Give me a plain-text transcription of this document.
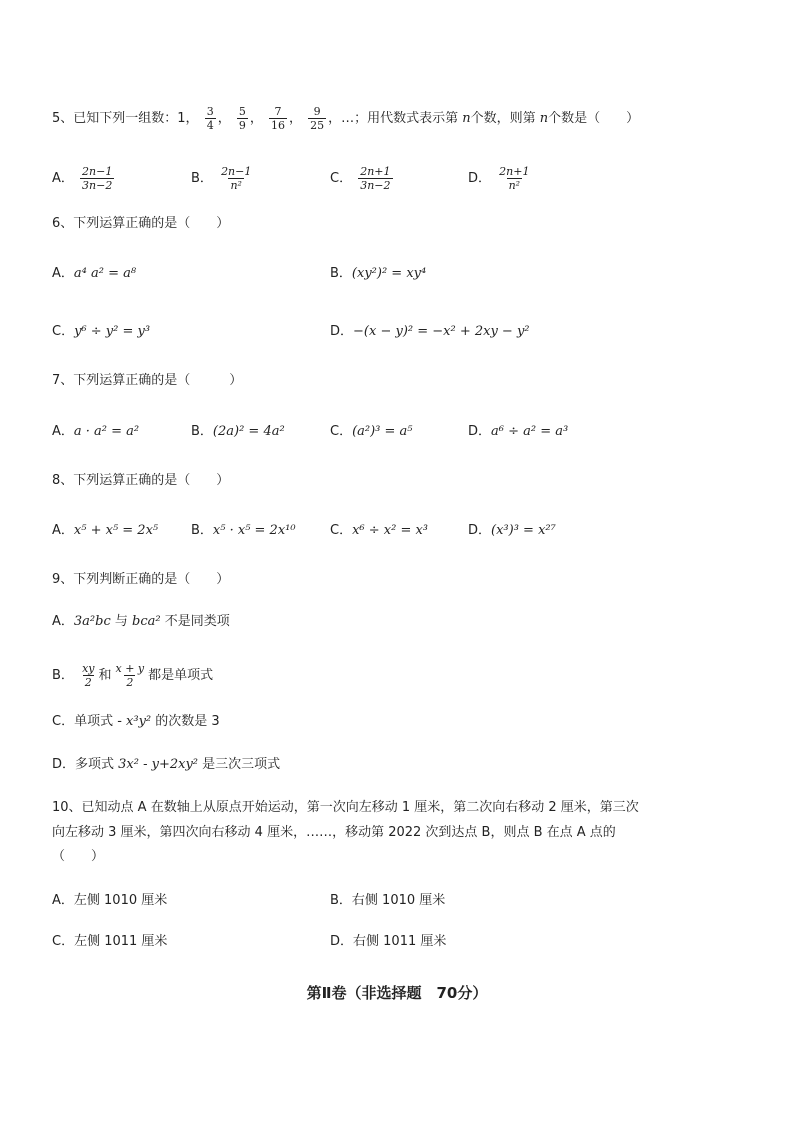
5、已知下列一组数：1， $\frac{3}{4}$ ， $\frac{5}{9}$ ， $\frac{7}{16}$ ， $\frac{9}{25}$ ，…；用代数式表示第 n个数，则第 n个数是（　　）
A． $\frac{2n-1}{3n-2}$	B． $\frac{2n-1}{\text{n²}}$	C． $\frac{2n+1}{3n-2}$	D． $\frac{2n+1}{\text{n²}}$
6、下列运算正确的是（　　）
A．a⁴ a² = a⁸	B．(xy²)² = xy⁴
C．y⁶ ÷ y² = y³	D．−(x − y)² = −x² + 2xy − y²
7、下列运算正确的是（　　　）
A．a · a² = a²	B．(2a)² = 4a²	C．(a²)³ = a⁵	D．a⁶ ÷ a² = a³
8、下列运算正确的是（　　）
A．x⁵ + x⁵ = 2x⁵	B．x⁵ · x⁵ = 2x¹⁰	C．x⁶ ÷ x² = x³	D．(x³)³ = x²⁷
9、下列判断正确的是（　　）
A．3a²bc 与 bca² 不是同类项
B． $\frac{xy}{2}$ 和 $\frac{x + y}{2}$ 都是单项式
C．单项式 - x³y² 的次数是 3
D．多项式 3x² - y+2xy² 是三次三项式
10、已知动点 A 在数轴上从原点开始运动，第一次向左移动 1 厘米，第二次向右移动 2 厘米，第三次
向左移动 3 厘米，第四次向右移动 4 厘米，……，移动第 2022 次到达点 B，则点 B 在点 A 点的
（　　）
A．左侧 1010 厘米	B．右侧 1010 厘米
C．左侧 1011 厘米	D．右侧 1011 厘米
第Ⅱ卷（非选择题　70分）
